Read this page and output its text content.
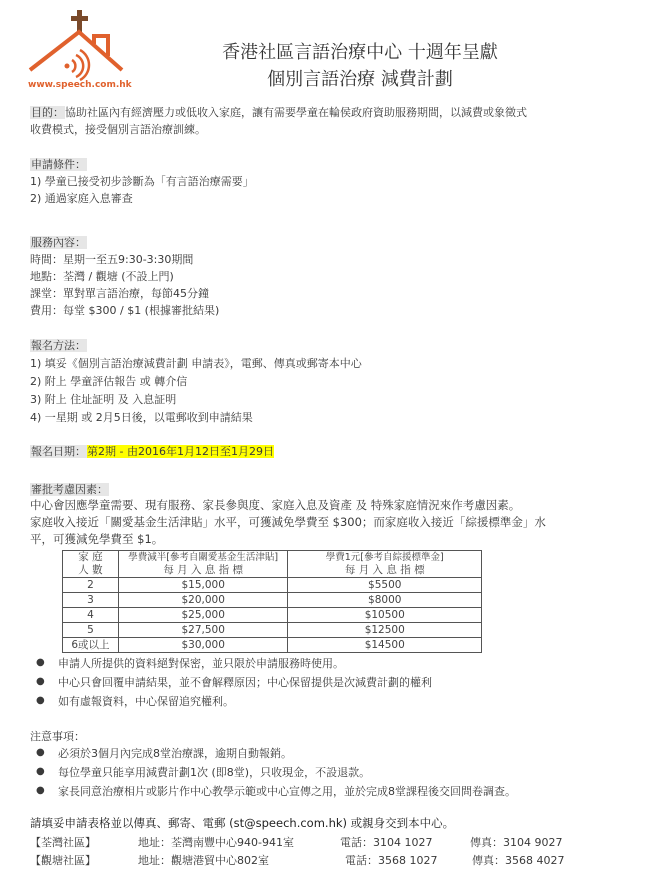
www.speech.com.hk
香港社區言語治療中心 十週年呈獻
個別言語治療 減費計劃
目的：協助社區內有經濟壓力或低收入家庭，讓有需要學童在輪侯政府資助服務期間，以減費或象徵式
收費模式，接受個別言語治療訓練。
申請條件：
1) 學童已接受初步診斷為「有言語治療需要」
2) 通過家庭入息審查
服務內容：
時間：星期一至五9:30-3:30期間
地點：荃灣 / 觀塘 (不設上門)
課堂：單對單言語治療，每節45分鐘
費用：每堂 $300 / $1 (根據審批結果)
報名方法：
1) 填妥《個別言語治療減費計劃 申請表》，電郵、傳真或郵寄本中心
2) 附上 學童評估報告 或 轉介信
3) 附上 住址証明 及 入息証明
4) 一星期 或 2月5日後，以電郵收到申請結果
報名日期：第2期 - 由2016年1月12日至1月29日
審批考慮因素：
中心會因應學童需要、現有服務、家長參與度、家庭入息及資產 及 特殊家庭情況來作考慮因素。
家庭收入接近「關愛基金生活津貼」水平，可獲減免學費至 $300；而家庭收入接近「綜援標準金」水
平，可獲減免學費至 $1。
家 庭
人 數

學費減半[參考自關愛基金生活津貼]
每 月 入 息 指 標

學費1元[參考自綜援標準金]
每 月 入 息 指 標

2	$15,000	$5500
3	$20,000	$8000
4	$25,000	$10500
5	$27,500	$12500
6或以上	$30,000	$14500
● 申請人所提供的資料絕對保密，並只限於申請服務時使用。
● 中心只會回覆申請結果，並不會解釋原因；中心保留提供是次減費計劃的權利
● 如有虛報資料，中心保留追究權利。
注意事項：
● 必須於3個月內完成8堂治療課，逾期自動報銷。
● 每位學童只能享用減費計劃1次 (即8堂)，只收現金，不設退款。
● 家長同意治療相片或影片作中心教學示範或中心宣傳之用，並於完成8堂課程後交回問卷調查。
請填妥申請表格並以傳真、郵寄、電郵 (st@speech.com.hk) 或親身交到本中心。
【荃灣社區】	地址：荃灣南豐中心940-941室	電話：3104 1027	傳真：3104 9027
【觀塘社區】	地址：觀塘港貿中心802室	電話：3568 1027	傳真：3568 4027
